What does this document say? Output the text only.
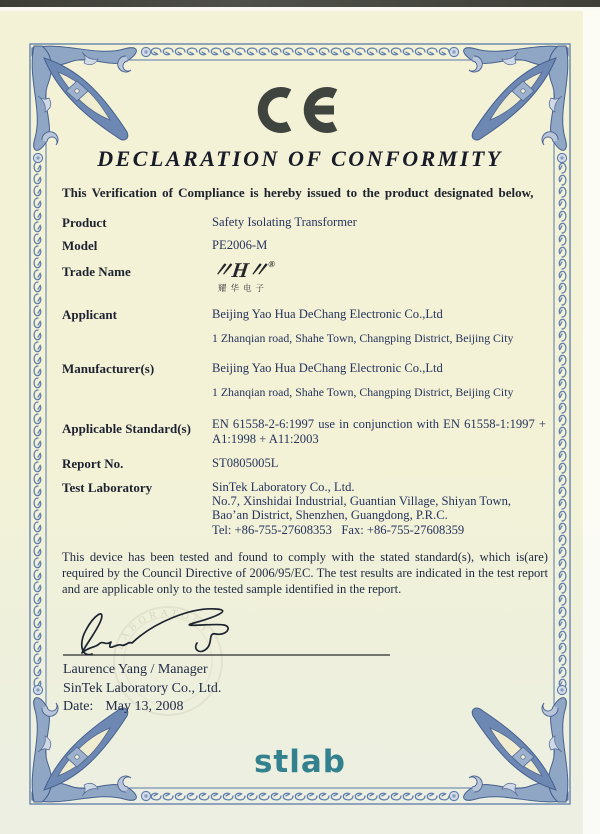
DECLARATION OF CONFORMITY
This Verification of Compliance is hereby issued to the product designated below,
Product	Safety Isolating Transformer
Model	PE2006-M
Trade Name	〃H〃®
耀华电子
Applicant	Beijing Yao Hua DeChang Electronic Co.,Ltd
1 Zhanqian road, Shahe Town, Changping District, Beijing City
Manufacturer(s)	Beijing Yao Hua DeChang Electronic Co.,Ltd
1 Zhanqian road, Shahe Town, Changping District, Beijing City
Applicable Standard(s)	EN 61558-2-6:1997 use in conjunction with EN 61558-1:1997 + A1:1998 + A11:2003
Report No.	ST0805005L
Test Laboratory	SinTek Laboratory Co., Ltd.
No.7, Xinshidai Industrial, Guantian Village, Shiyan Town, Bao’an District, Shenzhen, Guangdong, P.R.C.
Tel: +86-755-27608353   Fax: +86-755-27608359
This device has been tested and found to comply with the stated standard(s), which is(are) required by the Council Directive of 2006/95/EC. The test results are indicated in the test report and are applicable only to the tested sample identified in the report.
LABORATORY
Laurence Yang / Manager
SinTek Laboratory Co., Ltd.
Date: May 13, 2008
stlab
